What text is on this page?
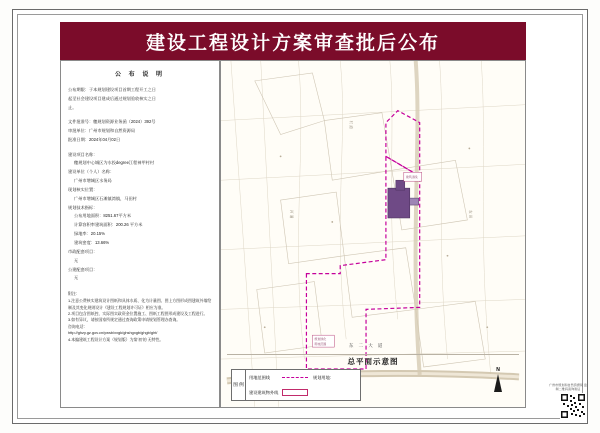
建设工程设计方案审查批后公布
公 布 说 明
公布期限：于本规划建设项目首期工程开工之日
起至社会建设项目建成后通过规划验收核实之日
止。
文件批准号：穗规划资源业务函（2024）392号
审批单位：广州市规划和自然资源局
批准日期：2024年04月02日
建设项目名称：
穗规划中心城区为水投degree江程神甲村村
建设单位（个人）名称：
广州市增城区水务局
现划核实位置：
广州市增城区石滩镇湾镇，马田村
规划技术指标：
公布用地面积：8251.67平方米
计算容积率建筑面积：200.26 平方米
绿地率：20.15%
建筑密度：13.66%
市政配套项目：
无
公建配套项目：
无
附注：
1.注意公费核实建筑设计图纸和具体水质、化为计量图、图上方图形成图建筑外墙绘制及其变化规则设计《建设工程规划许可证》相应为准。
2.项目包含图纸控、实际图实政资金位置施工、图纸工程图形成建设及工程进行。
3.如有异议，请按国家所规定通过查询政策申请规划管理办查询。
咨询电话：
http://ghzy.gz.gov.cn/ywsb/xxgk/ghshgxgb/ghgb/ght/
4.本编建筑工程设计方案（规划版）为第'初'的 无特性。
建筑退线
规划绿化
用地范围
村 道
河 涌	农 田
东 二 大 道
总平面示意图
图 例
用地范围线	规划用地：
建设建筑物外线
N
广州市规划和自然资源局 监制二维码查询验证
